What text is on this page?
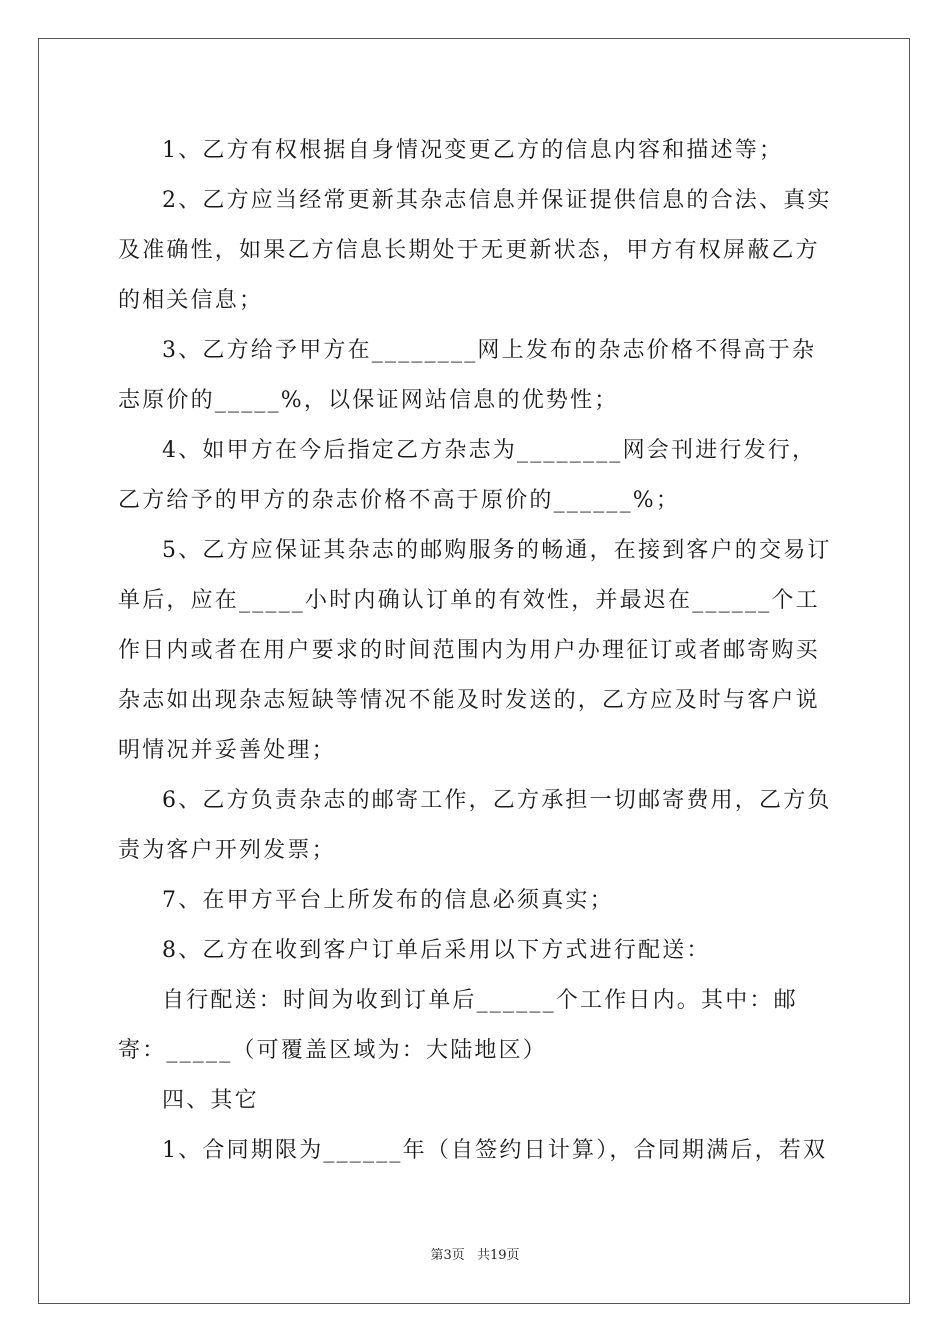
1、乙方有权根据自身情况变更乙方的信息内容和描述等；

2、乙方应当经常更新其杂志信息并保证提供信息的合法、真实及准确性，如果乙方信息长期处于无更新状态，甲方有权屏蔽乙方的相关信息；

3、乙方给予甲方在________网上发布的杂志价格不得高于杂志原价的_____%，以保证网站信息的优势性；

4、如甲方在今后指定乙方杂志为________网会刊进行发行，乙方给予的甲方的杂志价格不高于原价的______%；

5、乙方应保证其杂志的邮购服务的畅通，在接到客户的交易订单后，应在_____小时内确认订单的有效性，并最迟在______个工作日内或者在用户要求的时间范围内为用户办理征订或者邮寄购买杂志如出现杂志短缺等情况不能及时发送的，乙方应及时与客户说明情况并妥善处理；

6、乙方负责杂志的邮寄工作，乙方承担一切邮寄费用，乙方负责为客户开列发票；

7、在甲方平台上所发布的信息必须真实；

8、乙方在收到客户订单后采用以下方式进行配送：

自行配送：时间为收到订单后______个工作日内。其中：邮寄：_____（可覆盖区域为：大陆地区）

四、其它

1、合同期限为______年（自签约日计算），合同期满后，若双

第3页 共19页
